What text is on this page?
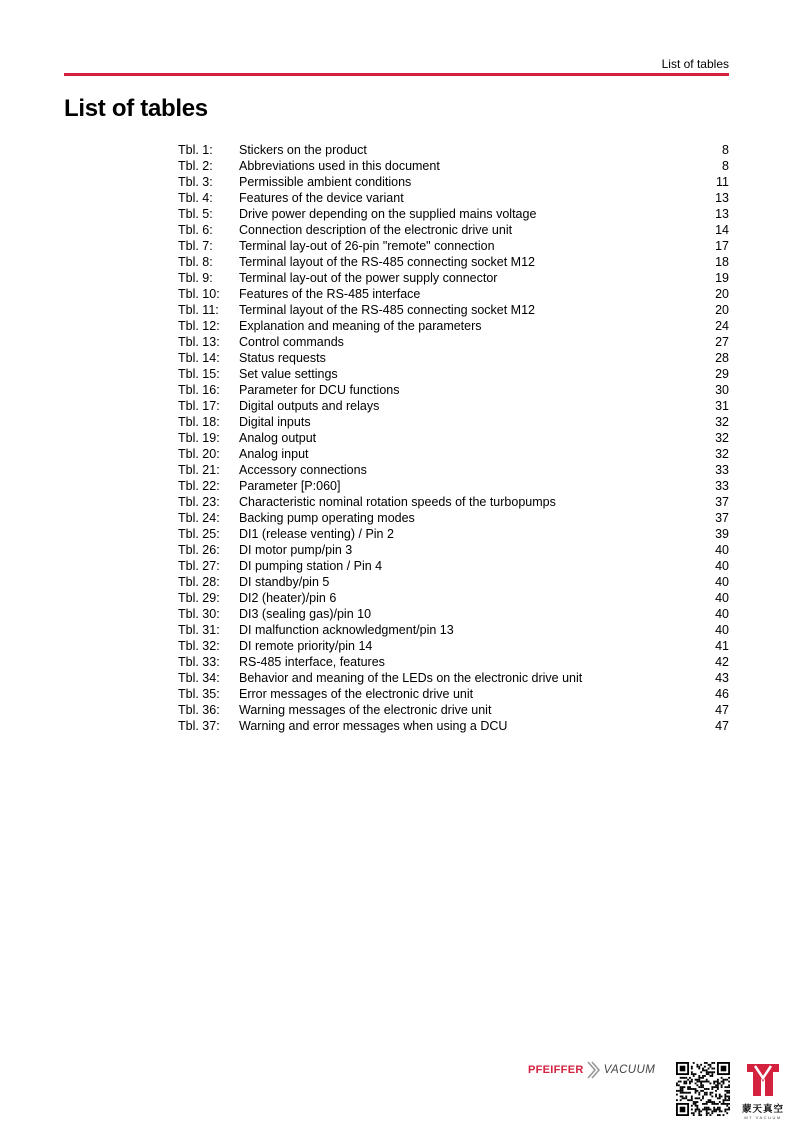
List of tables
List of tables
Tbl. 1:	Stickers on the product	8
Tbl. 2:	Abbreviations used in this document	8
Tbl. 3:	Permissible ambient conditions	11
Tbl. 4:	Features of the device variant	13
Tbl. 5:	Drive power depending on the supplied mains voltage	13
Tbl. 6:	Connection description of the electronic drive unit	14
Tbl. 7:	Terminal lay-out of 26-pin "remote" connection	17
Tbl. 8:	Terminal layout of the RS-485 connecting socket M12	18
Tbl. 9:	Terminal lay-out of the power supply connector	19
Tbl. 10:	Features of the RS-485 interface	20
Tbl. 11:	Terminal layout of the RS-485 connecting socket M12	20
Tbl. 12:	Explanation and meaning of the parameters	24
Tbl. 13:	Control commands	27
Tbl. 14:	Status requests	28
Tbl. 15:	Set value settings	29
Tbl. 16:	Parameter for DCU functions	30
Tbl. 17:	Digital outputs and relays	31
Tbl. 18:	Digital inputs	32
Tbl. 19:	Analog output	32
Tbl. 20:	Analog input	32
Tbl. 21:	Accessory connections	33
Tbl. 22:	Parameter [P:060]	33
Tbl. 23:	Characteristic nominal rotation speeds of the turbopumps	37
Tbl. 24:	Backing pump operating modes	37
Tbl. 25:	DI1 (release venting) / Pin 2	39
Tbl. 26:	DI motor pump/pin 3	40
Tbl. 27:	DI pumping station / Pin 4	40
Tbl. 28:	DI standby/pin 5	40
Tbl. 29:	DI2 (heater)/pin 6	40
Tbl. 30:	DI3 (sealing gas)/pin 10	40
Tbl. 31:	DI malfunction acknowledgment/pin 13	40
Tbl. 32:	DI remote priority/pin 14	41
Tbl. 33:	RS-485 interface, features	42
Tbl. 34:	Behavior and meaning of the LEDs on the electronic drive unit	43
Tbl. 35:	Error messages of the electronic drive unit	46
Tbl. 36:	Warning messages of the electronic drive unit	47
Tbl. 37:	Warning and error messages when using a DCU	47
PFEIFFER VACUUM
蒙天真空
MT VACUUM
